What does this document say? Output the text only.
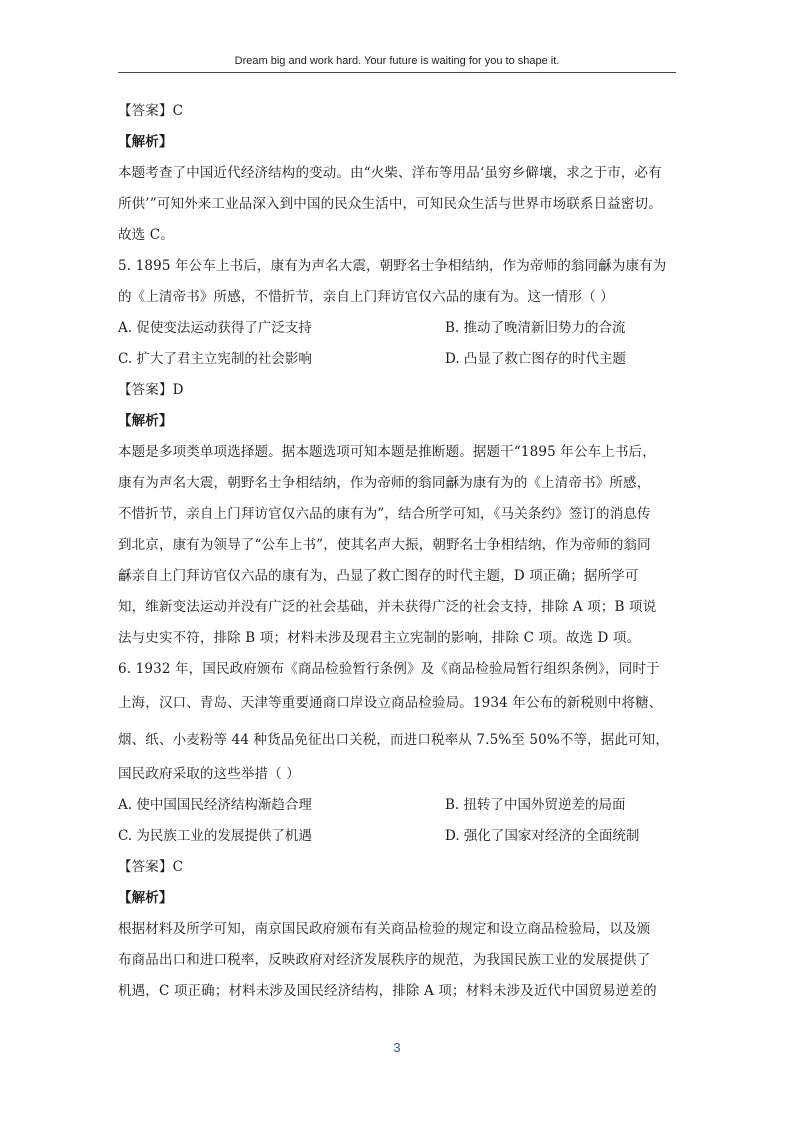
Dream big and work hard. Your future is waiting for you to shape it.
【答案】C
【解析】
本题考查了中国近代经济结构的变动。由“火柴、洋布等用品‘虽穷乡僻壤，求之于市，必有
所供’”可知外来工业品深入到中国的民众生活中，可知民众生活与世界市场联系日益密切。
故选 C。
5. 1895 年公车上书后，康有为声名大震，朝野名士争相结纳，作为帝师的翁同龢为康有为
的《上清帝书》所感，不惜折节，亲自上门拜访官仅六品的康有为。这一情形（ ）
A. 促使变法运动获得了广泛支持	B. 推动了晚清新旧势力的合流
C. 扩大了君主立宪制的社会影响	D. 凸显了救亡图存的时代主题
【答案】D
【解析】
本题是多项类单项选择题。据本题选项可知本题是推断题。据题干“1895 年公车上书后，
康有为声名大震，朝野名士争相结纳，作为帝师的翁同龢为康有为的《上清帝书》所感，
不惜折节，亲自上门拜访官仅六品的康有为”，结合所学可知，《马关条约》签订的消息传
到北京，康有为领导了“公车上书”，使其名声大振，朝野名士争相结纳，作为帝师的翁同
龢亲自上门拜访官仅六品的康有为，凸显了救亡图存的时代主题，D 项正确；据所学可
知，维新变法运动并没有广泛的社会基础，并未获得广泛的社会支持，排除 A 项；B 项说
法与史实不符，排除 B 项；材料未涉及现君主立宪制的影响，排除 C 项。故选 D 项。
6. 1932 年，国民政府颁布《商品检验暂行条例》及《商品检验局暂行组织条例》，同时于
上海，汉口、青岛、天津等重要通商口岸设立商品检验局。1934 年公布的新税则中将糖、
烟、纸、小麦粉等 44 种货品免征出口关税，而进口税率从 7.5%至 50%不等，据此可知，
国民政府采取的这些举措（ ）
A. 使中国国民经济结构渐趋合理	B. 扭转了中国外贸逆差的局面
C. 为民族工业的发展提供了机遇	D. 强化了国家对经济的全面统制
【答案】C
【解析】
根据材料及所学可知，南京国民政府颁布有关商品检验的规定和设立商品检验局，以及颁
布商品出口和进口税率，反映政府对经济发展秩序的规范，为我国民族工业的发展提供了
机遇，C 项正确；材料未涉及国民经济结构，排除 A 项；材料未涉及近代中国贸易逆差的
3
